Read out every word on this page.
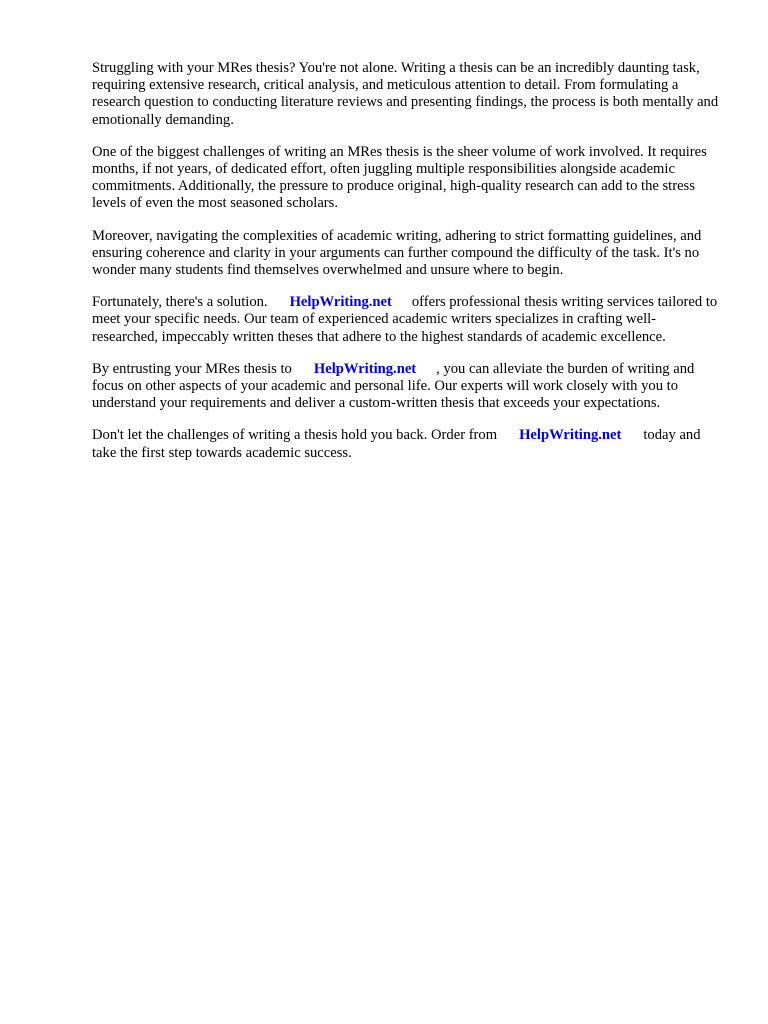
Struggling with your MRes thesis? You're not alone. Writing a thesis can be an incredibly daunting task, requiring extensive research, critical analysis, and meticulous attention to detail. From formulating a research question to conducting literature reviews and presenting findings, the process is both mentally and emotionally demanding.

One of the biggest challenges of writing an MRes thesis is the sheer volume of work involved. It requires months, if not years, of dedicated effort, often juggling multiple responsibilities alongside academic commitments. Additionally, the pressure to produce original, high-quality research can add to the stress levels of even the most seasoned scholars.

Moreover, navigating the complexities of academic writing, adhering to strict formatting guidelines, and ensuring coherence and clarity in your arguments can further compound the difficulty of the task. It's no wonder many students find themselves overwhelmed and unsure where to begin.

Fortunately, there's a solution. HelpWriting.net offers professional thesis writing services tailored to meet your specific needs. Our team of experienced academic writers specializes in crafting well-researched, impeccably written theses that adhere to the highest standards of academic excellence.

By entrusting your MRes thesis to HelpWriting.net , you can alleviate the burden of writing and focus on other aspects of your academic and personal life. Our experts will work closely with you to understand your requirements and deliver a custom-written thesis that exceeds your expectations.

Don't let the challenges of writing a thesis hold you back. Order from HelpWriting.net today and take the first step towards academic success.
